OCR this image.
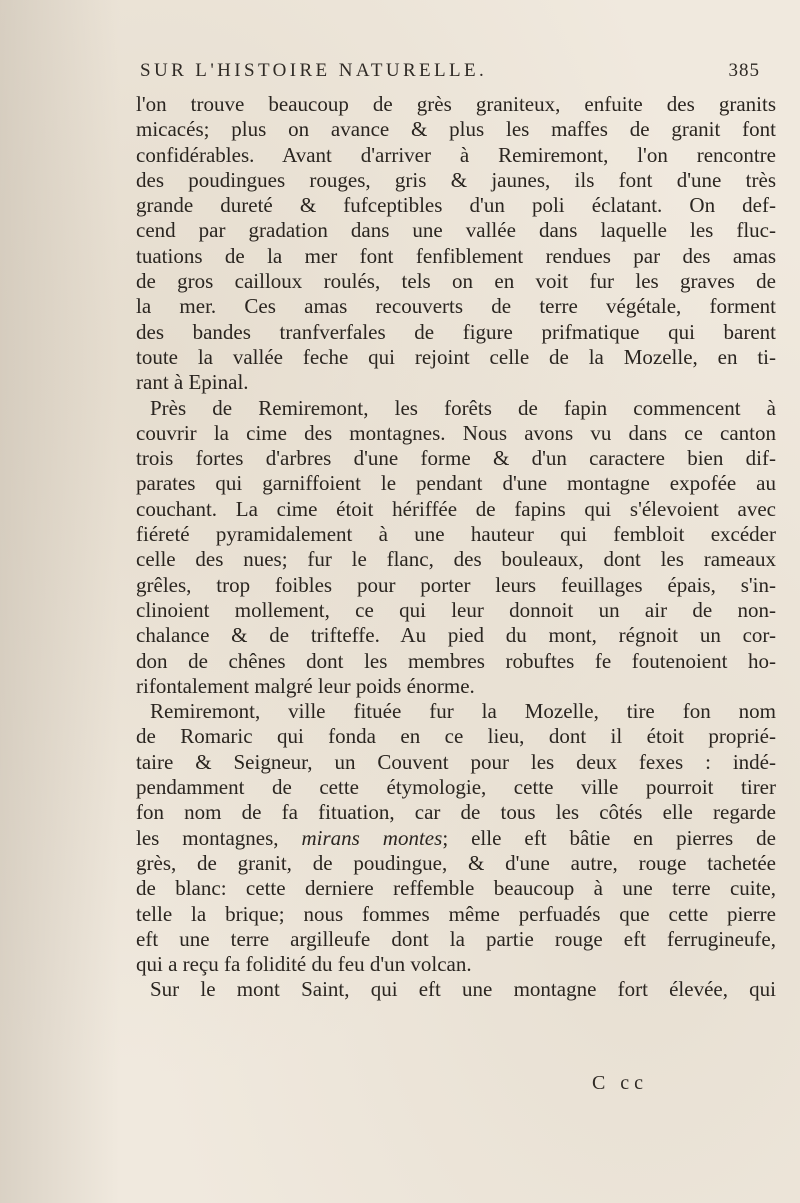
SUR L'HISTOIRE NATURELLE.	385
l'on trouve beaucoup de grès graniteux, enfuite des granits
micacés; plus on avance & plus les maffes de granit font
confidérables. Avant d'arriver à Remiremont, l'on rencontre
des poudingues rouges, gris & jaunes, ils font d'une très
grande dureté & fufceptibles d'un poli éclatant. On def-
cend par gradation dans une vallée dans laquelle les fluc-
tuations de la mer font fenfiblement rendues par des amas
de gros cailloux roulés, tels on en voit fur les graves de
la mer. Ces amas recouverts de terre végétale, forment
des bandes tranfverfales de figure prifmatique qui barent
toute la vallée feche qui rejoint celle de la Mozelle, en ti-
rant à Epinal.
Près de Remiremont, les forêts de fapin commencent à
couvrir la cime des montagnes. Nous avons vu dans ce canton
trois fortes d'arbres d'une forme & d'un caractere bien dif-
parates qui garniffoient le pendant d'une montagne expofée au
couchant. La cime étoit hériffée de fapins qui s'élevoient avec
fiéreté pyramidalement à une hauteur qui fembloit excéder
celle des nues; fur le flanc, des bouleaux, dont les rameaux
grêles, trop foibles pour porter leurs feuillages épais, s'in-
clinoient mollement, ce qui leur donnoit un air de non-
chalance & de trifteffe. Au pied du mont, régnoit un cor-
don de chênes dont les membres robuftes fe foutenoient ho-
rifontalement malgré leur poids énorme.
Remiremont, ville fituée fur la Mozelle, tire fon nom
de Romaric qui fonda en ce lieu, dont il étoit proprié-
taire & Seigneur, un Couvent pour les deux fexes : indé-
pendamment de cette étymologie, cette ville pourroit tirer
fon nom de fa fituation, car de tous les côtés elle regarde
les montagnes, mirans montes; elle eft bâtie en pierres de
grès, de granit, de poudingue, & d'une autre, rouge tachetée
de blanc: cette derniere reffemble beaucoup à une terre cuite,
telle la brique; nous fommes même perfuadés que cette pierre
eft une terre argilleufe dont la partie rouge eft ferrugineufe,
qui a reçu fa folidité du feu d'un volcan.
Sur le mont Saint, qui eft une montagne fort élevée, qui
C cc
